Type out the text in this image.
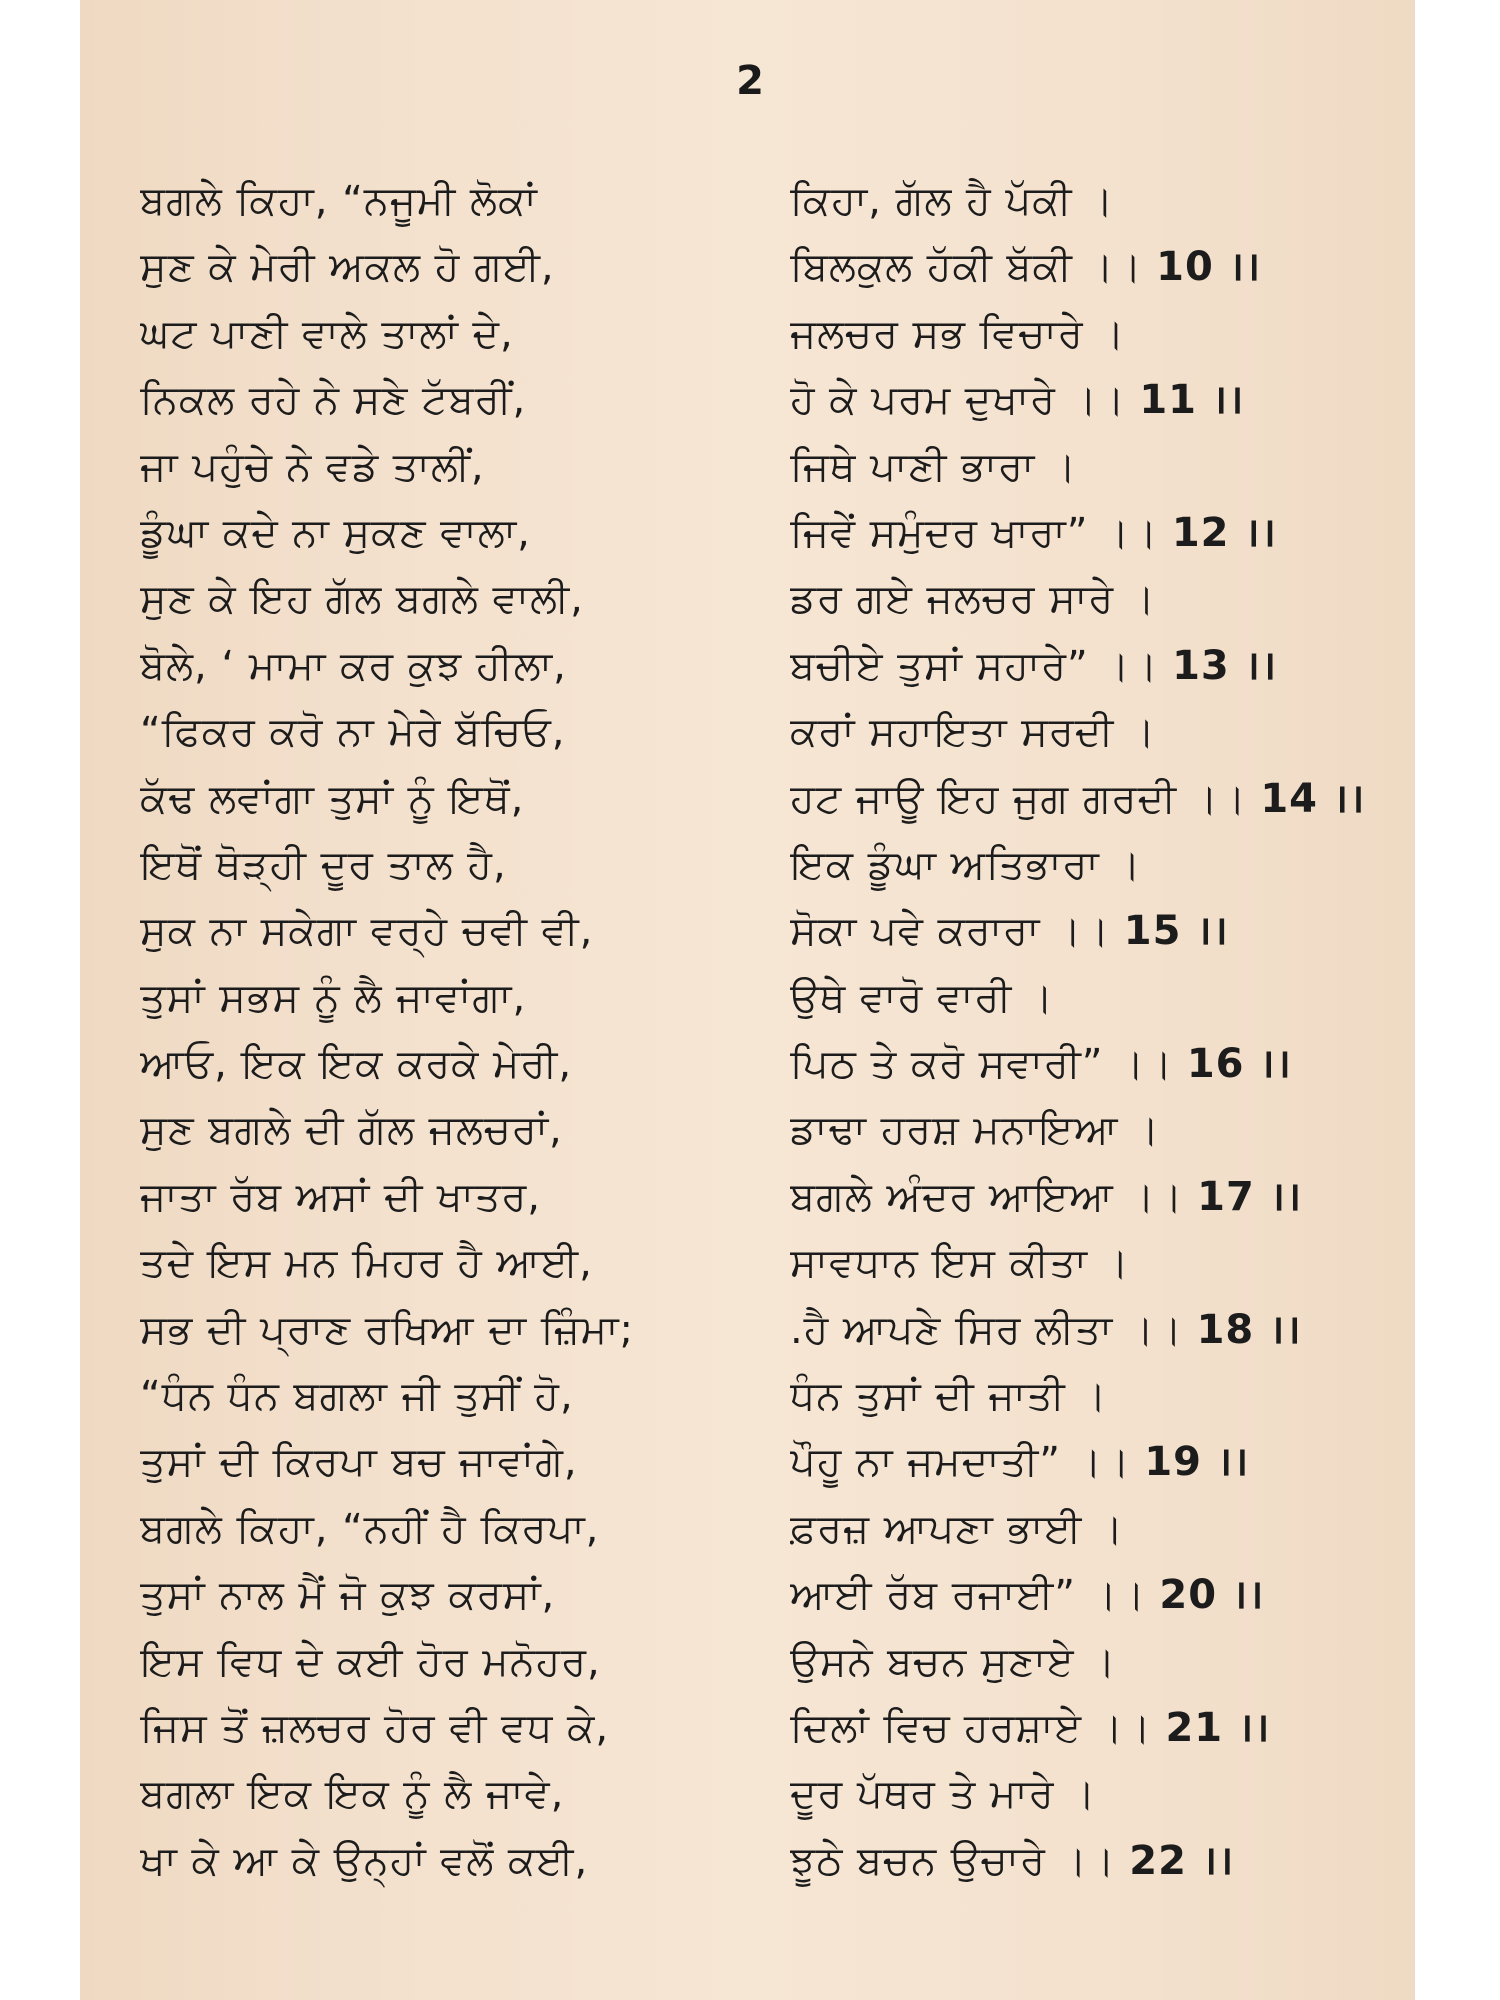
2
ਬਗਲੇ ਕਿਹਾ, “ਨਜੂਮੀ ਲੋਕਾਂ	ਕਿਹਾ, ਗੱਲ ਹੈ ਪੱਕੀ ।
ਸੁਣ ਕੇ ਮੇਰੀ ਅਕਲ ਹੋ ਗਈ,	ਬਿਲਕੁਲ ਹੱਕੀ ਬੱਕੀ ।। 10 ।।
ਘਟ ਪਾਣੀ ਵਾਲੇ ਤਾਲਾਂ ਦੇ,	ਜਲਚਰ ਸਭ ਵਿਚਾਰੇ ।
ਨਿਕਲ ਰਹੇ ਨੇ ਸਣੇ ਟੱਬਰੀਂ,	ਹੋ ਕੇ ਪਰਮ ਦੁਖਾਰੇ ।। 11 ।।
ਜਾ ਪਹੁੰਚੇ ਨੇ ਵਡੇ ਤਾਲੀਂ,	ਜਿਥੇ ਪਾਣੀ ਭਾਰਾ ।
ਡੂੰਘਾ ਕਦੇ ਨਾ ਸੁਕਣ ਵਾਲਾ,	ਜਿਵੇਂ ਸਮੁੰਦਰ ਖਾਰਾ” ।। 12 ।।
ਸੁਣ ਕੇ ਇਹ ਗੱਲ ਬਗਲੇ ਵਾਲੀ,	ਡਰ ਗਏ ਜਲਚਰ ਸਾਰੇ ।
ਬੋਲੇ, ‘ ਮਾਮਾ ਕਰ ਕੁਝ ਹੀਲਾ,	ਬਚੀਏ ਤੁਸਾਂ ਸਹਾਰੇ” ।। 13 ।।
“ਫਿਕਰ ਕਰੋ ਨਾ ਮੇਰੇ ਬੱਚਿਓ,	ਕਰਾਂ ਸਹਾਇਤਾ ਸਰਦੀ ।
ਕੱਢ ਲਵਾਂਗਾ ਤੁਸਾਂ ਨੂੰ ਇਥੋਂ,	ਹਟ ਜਾਊ ਇਹ ਜੁਗ ਗਰਦੀ ।। 14 ।।
ਇਥੋਂ ਥੋੜ੍ਹੀ ਦੂਰ ਤਾਲ ਹੈ,	ਇਕ ਡੂੰਘਾ ਅਤਿਭਾਰਾ ।
ਸੁਕ ਨਾ ਸਕੇਗਾ ਵਰ੍ਹੇ ਚਵੀ ਵੀ,	ਸੋਕਾ ਪਵੇ ਕਰਾਰਾ ।। 15 ।।
ਤੁਸਾਂ ਸਭਸ ਨੂੰ ਲੈ ਜਾਵਾਂਗਾ,	ਉਥੇ ਵਾਰੋ ਵਾਰੀ ।
ਆਓ, ਇਕ ਇਕ ਕਰਕੇ ਮੇਰੀ,	ਪਿਠ ਤੇ ਕਰੋ ਸਵਾਰੀ” ।। 16 ।।
ਸੁਣ ਬਗਲੇ ਦੀ ਗੱਲ ਜਲਚਰਾਂ,	ਡਾਢਾ ਹਰਸ਼ ਮਨਾਇਆ ।
ਜਾਤਾ ਰੱਬ ਅਸਾਂ ਦੀ ਖਾਤਰ,	ਬਗਲੇ ਅੰਦਰ ਆਇਆ ।। 17 ।।
ਤਦੇ ਇਸ ਮਨ ਮਿਹਰ ਹੈ ਆਈ,	ਸਾਵਧਾਨ ਇਸ ਕੀਤਾ ।
ਸਭ ਦੀ ਪ੍ਰਾਣ ਰਖਿਆ ਦਾ ਜ਼ਿੰਮਾ;	.ਹੈ ਆਪਣੇ ਸਿਰ ਲੀਤਾ ।। 18 ।।
“ਧੰਨ ਧੰਨ ਬਗਲਾ ਜੀ ਤੁਸੀਂ ਹੋ,	ਧੰਨ ਤੁਸਾਂ ਦੀ ਜਾਤੀ ।
ਤੁਸਾਂ ਦੀ ਕਿਰਪਾ ਬਚ ਜਾਵਾਂਗੇ,	ਪੌਹੂ ਨਾ ਜਮਦਾਤੀ” ।। 19 ।।
ਬਗਲੇ ਕਿਹਾ, “ਨਹੀਂ ਹੈ ਕਿਰਪਾ,	ਫ਼ਰਜ਼ ਆਪਣਾ ਭਾਈ ।
ਤੁਸਾਂ ਨਾਲ ਮੈਂ ਜੋ ਕੁਝ ਕਰਸਾਂ,	ਆਈ ਰੱਬ ਰਜਾਈ” ।। 20 ।।
ਇਸ ਵਿਧ ਦੇ ਕਈ ਹੋਰ ਮਨੋਹਰ,	ਉਸਨੇ ਬਚਨ ਸੁਣਾਏ ।
ਜਿਸ ਤੋਂ ਜ਼ਲਚਰ ਹੋਰ ਵੀ ਵਧ ਕੇ,	ਦਿਲਾਂ ਵਿਚ ਹਰਸ਼ਾਏ ।। 21 ।।
ਬਗਲਾ ਇਕ ਇਕ ਨੂੰ ਲੈ ਜਾਵੇ,	ਦੂਰ ਪੱਥਰ ਤੇ ਮਾਰੇ ।
ਖਾ ਕੇ ਆ ਕੇ ਉਨ੍ਹਾਂ ਵਲੋਂ ਕਈ,	ਝੂਠੇ ਬਚਨ ਉਚਾਰੇ ।। 22 ।।
